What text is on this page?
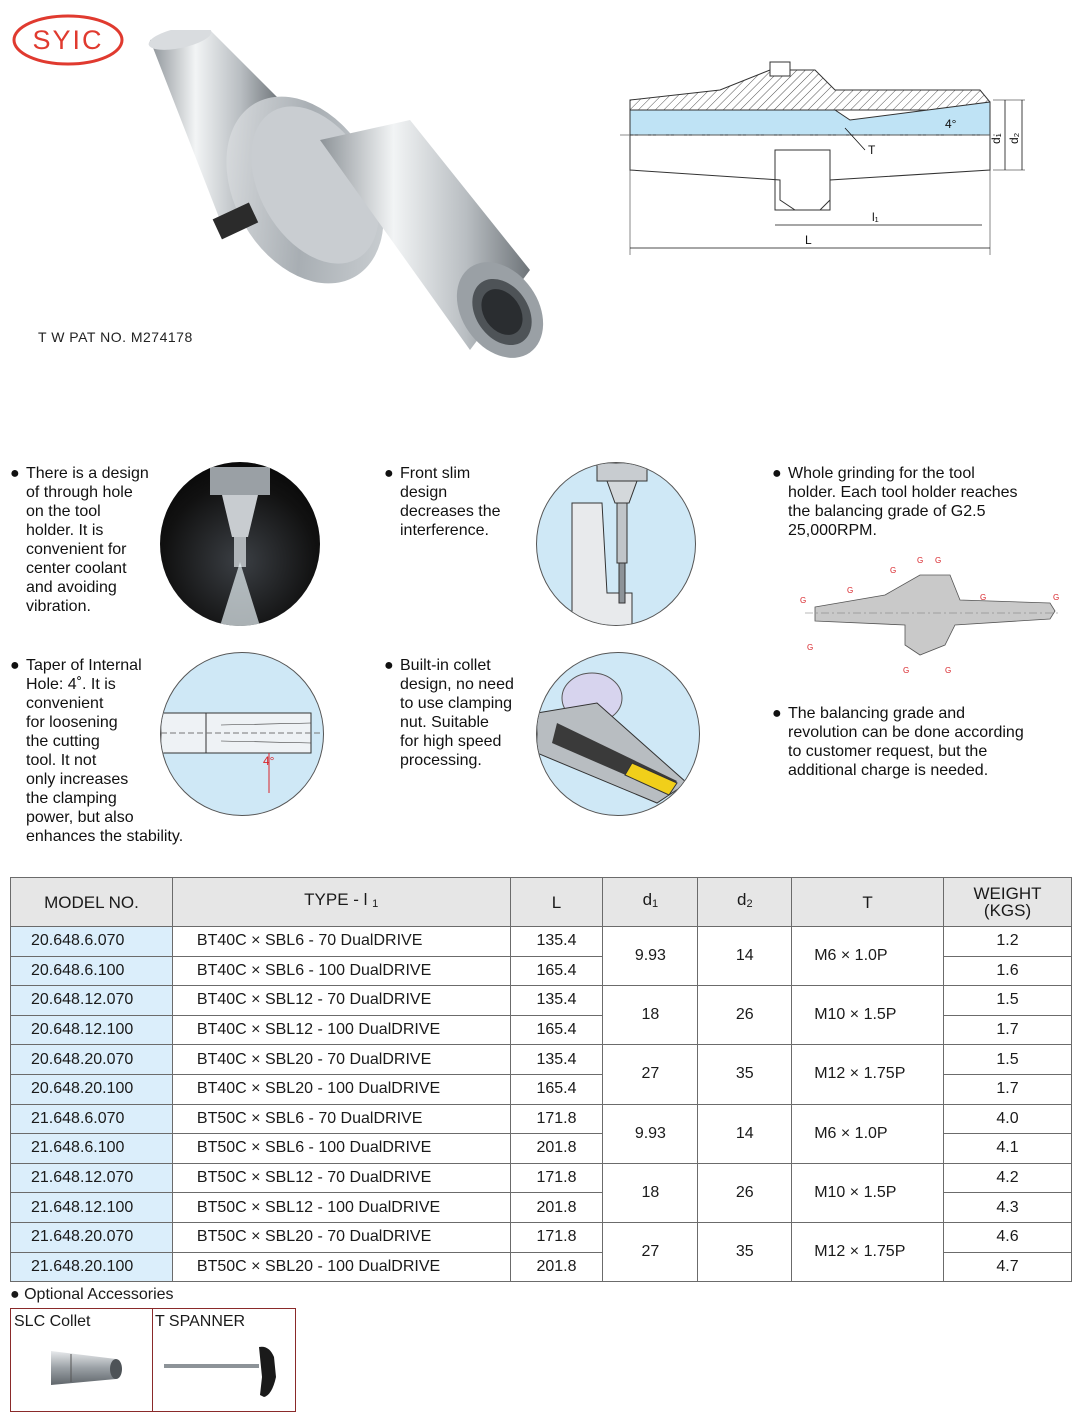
SYIC
T W PAT NO. M274178
4°
T
d₁ d₂
l₁
L
● There is a design
of through hole
on the tool
holder. It is
convenient for
center coolant
and avoiding
vibration.
● Front slim
design
decreases the
interference.
● Whole grinding for the tool
holder. Each tool holder reaches
the balancing grade of G2.5
25,000RPM.
G
G
G
G G
G	G
G
G	G
● Taper of Internal
Hole: 4˚. It is
convenient
for loosening
the cutting
tool. It not
only increases
the clamping
power, but also
enhances the stability.
4°
● Built-in collet
design, no need
to use clamping
nut. Suitable
for high speed
processing.
● The balancing grade and
revolution can be done according
to customer request, but the
additional charge is needed.
MODEL NO.	TYPE - l 1	L	d1	d2	T	WEIGHT
(KGS)
20.648.6.070	BT40C × SBL6 - 70 DualDRIVE	135.4	9.93	14	M6 × 1.0P	1.2
20.648.6.100	BT40C × SBL6 - 100 DualDRIVE	165.4				1.6
20.648.12.070	BT40C × SBL12 - 70 DualDRIVE	135.4	18	26	M10 × 1.5P	1.5
20.648.12.100	BT40C × SBL12 - 100 DualDRIVE	165.4				1.7
20.648.20.070	BT40C × SBL20 - 70 DualDRIVE	135.4	27	35	M12 × 1.75P	1.5
20.648.20.100	BT40C × SBL20 - 100 DualDRIVE	165.4				1.7
21.648.6.070	BT50C × SBL6 - 70 DualDRIVE	171.8	9.93	14	M6 × 1.0P	4.0
21.648.6.100	BT50C × SBL6 - 100 DualDRIVE	201.8				4.1
21.648.12.070	BT50C × SBL12 - 70 DualDRIVE	171.8	18	26	M10 × 1.5P	4.2
21.648.12.100	BT50C × SBL12 - 100 DualDRIVE	201.8				4.3
21.648.20.070	BT50C × SBL20 - 70 DualDRIVE	171.8	27	35	M12 × 1.75P	4.6
21.648.20.100	BT50C × SBL20 - 100 DualDRIVE	201.8				4.7
● Optional Accessories
SLC Collet	T SPANNER
